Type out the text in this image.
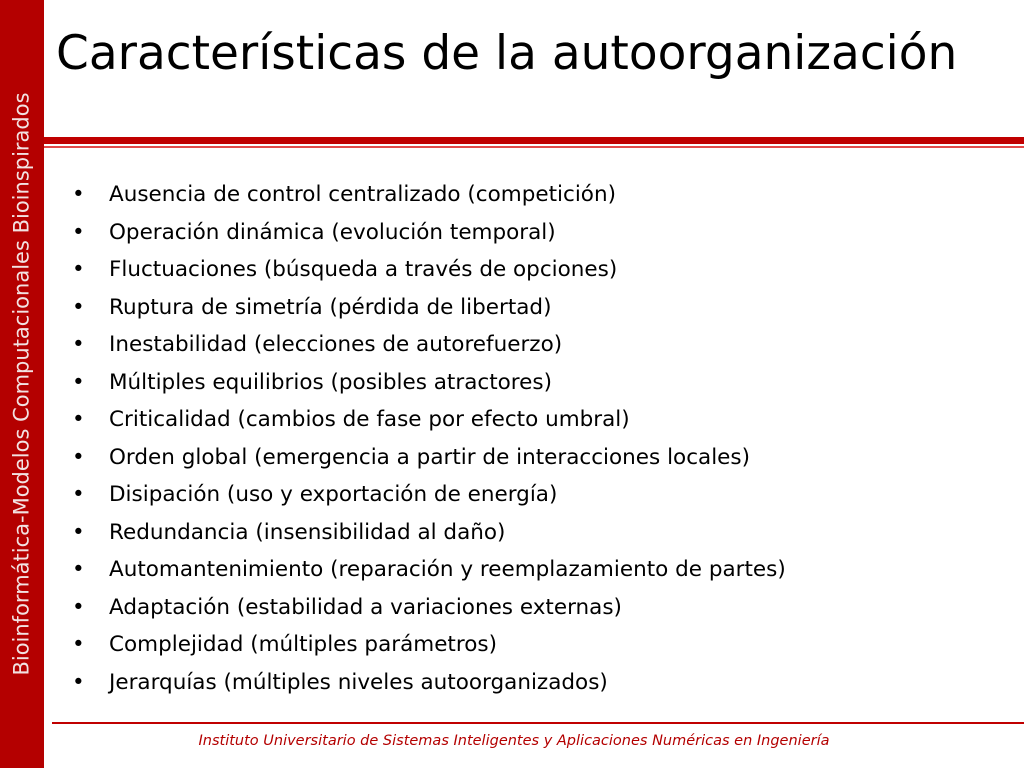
Bioinformática-Modelos Computacionales Bioinspirados
Características de la autoorganización
•	Ausencia de control centralizado (competición)
•	Operación dinámica (evolución temporal)
•	Fluctuaciones (búsqueda a través de opciones)
•	Ruptura de simetría (pérdida de libertad)
•	Inestabilidad (elecciones de autorefuerzo)
•	Múltiples equilibrios (posibles atractores)
•	Criticalidad (cambios de fase por efecto umbral)
•	Orden global (emergencia a partir de interacciones locales)
•	Disipación (uso y exportación de energía)
•	Redundancia (insensibilidad al daño)
•	Automantenimiento (reparación y reemplazamiento de partes)
•	Adaptación (estabilidad a variaciones externas)
•	Complejidad (múltiples parámetros)
•	Jerarquías (múltiples niveles autoorganizados)
Instituto Universitario de Sistemas Inteligentes y Aplicaciones Numéricas en Ingeniería
